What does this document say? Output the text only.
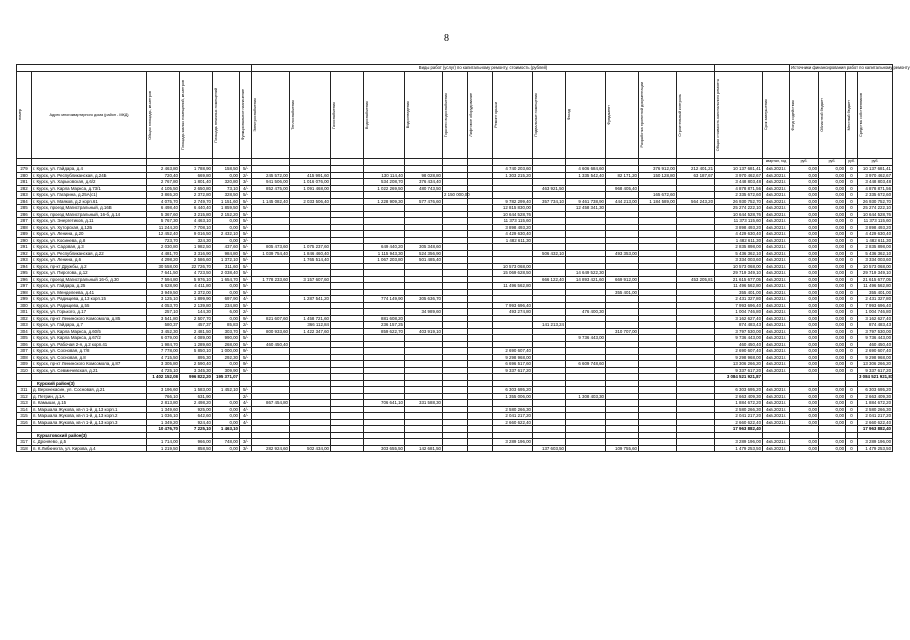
8
						Виды работ (услуг) по капитальному ремонту, стоимость (рублей)															Источники финансирования работ по капитальному ремонту			

номер	Адрес многоквартирного дома (район - МКД)	Общая площадь, кв.метров	Площадь жилых помещений, кв.метров	Площадь нежилых помещений	Функциональное назначение	Электроснабжения	Теплоснабжения	Газоснабжения	Водоснабжения	Водоотведения	Горячего водоснабжения	Лифтовое оборудование	Ремонт крыши	Подвальные помещения	Фасад	Фундамент	Разработка проектной документации	Строительный контроль	Общая стоимость капитального ремонта	Срок завершения	Фонд содействия	Областной бюджет	Местный бюджет	Средства собственников

																				квартал, год	руб.	руб.	руб.	руб.
279	г. Курск, ул. Гайдара, д.4	2 463,80	1 788,90	158,50	5/-								4 740 203,60		4 606 684,60		376 912,00	212 401,21	10 137 681,41	4кв.2021г.	0,00	0,00	0	10 137 681,41
280	г. Курск, ул. Республиканская, д.24Б	720,40	669,80	0,00	2/-	245 572,00	415 991,60		130 114,40	98 028,80			1 303 215,20		1 335 542,40	82 171,20	150 128,80	63 187,67	3 970 462,67	4кв.2021г.	0,00	0,00	0	3 970 462,67
281	г. Курск, ул. Харьковская, д.6/2	2 767,80	1 801,40	320,80	3/-	941 506,00	1 016 076,00		534 208,70	376 434,40									3 448 803,48	4кв.2021г.	0,00	0,00	0	3 448 803,48
282	г. Курск, ул. Карла Маркса, д.73/1	4 105,50	2 650,80	73,10	4/-	852 475,00	1 091 468,00		1 022 269,50	480 743,50				463 921,50		968 405,40			4 878 871,56	4кв.2021г.	0,00	0,00	0	4 878 871,56
283	г. Курск, ул. Гагарина, д.25А(с1)	3 865,20	2 372,80	328,50	5/-						2 150 000,00						165 672,60		2 335 672,60	4кв.2021г.	0,00	0,00	0	2 335 672,60
284	г. Курск, ул. Маяков, д.2 корп.61	4 075,70	2 749,70	1 151,60	5/-	1 145 082,40	2 033 506,40		1 228 909,30	577 476,60			9 782 299,40	357 734,10	9 461 738,90	444 213,00	1 184 589,00	564 243,20	26 930 752,70	4кв.2021г.	0,00	0,00	0	26 930 752,70
285	г. Курск, проезд Магистральный, д.16В	6 498,40	6 440,40	1 859,50	5/-								12 815 830,00		12 458 341,30				25 274 222,10	4кв.2021г.	0,00	0,00	0	25 274 222,10
286	г. Курск, проезд Магистральный, 16-б, д.14	5 367,60	3 215,80	2 152,20	5/-								10 644 528,76						10 644 528,76	4кв.2021г.	0,00	0,00	0	10 644 528,76
287	г. Курск, ул. Энергетиков, д.11	5 767,30	4 463,10	0,00	5/-								11 373 115,60						11 373 115,60	4кв.2021г.	0,00	0,00	0	11 373 115,60
288	г. Курск, ул. Хуторская, д.12Б	11 244,20	7 708,10	0,00	5/-								3 898 493,20						3 898 493,20	4кв.2021г.	0,00	0,00	0	3 898 493,20
289	г. Курск, ул. Ленина, д.20	12 452,40	9 016,50	2 432,10	5/-								4 429 630,40						4 429 630,40	4кв.2021г.	0,00	0,00	0	4 429 630,40
290	г. Курск, ул. Косиневa, д.8	723,70	324,30	0,00	3/-								1 482 611,30						1 482 611,30	4кв.2021г.	0,00	0,00	0	1 482 611,30
291	г. Курск, ул. Садовая, д.3	2 030,80	1 982,50	437,60	5/-	805 473,60	1 075 237,60		649 440,20	305 348,60									2 835 898,00	4кв.2021г.	0,00	0,00	0	2 835 898,00
292	г. Курск, ул. Республиканская, д.22	4 481,70	3 316,90	984,80	5/-	1 039 754,40	1 846 460,40		1 115 943,30	524 356,90				506 432,10		493 353,00			5 436 362,10	4кв.2021г.	0,00	0,00	0	5 436 362,10
293	г. Курск, ул. Ленина, д.6	4 298,20	2 586,60	1 372,10	5/-		1 765 514,40		1 067 203,80	501 485,40									3 334 003,60	4кв.2021г.	0,00	0,00	0	3 334 003,60
294	г. Курск, пр-кт Дружбы, д.2	30 558,00	22 726,70	311,60	5/-								10 573 068,00						10 573 068,00	4кв.2021г.	0,00	0,00	0	10 573 068,00
295	г. Курск, ул. Пирогова, д.12	7 641,50	4 723,50	2 038,40	5/-								15 069 628,50		14 649 522,30				29 719 349,10	4кв.2021г.	0,00	0,00	0	29 719 349,10
296	г. Курск, проезд Магистральный 16-б, д.30	7 594,80	5 976,10	1 654,70	5/-	1 778 233,60	3 157 607,60							666 122,40	14 893 421,60	669 912,00		453 205,81	21 615 677,05	4кв.2021г.	0,00	0,00	0	21 615 677,05
297	г. Курск, ул. Гайдара, д.25	5 628,90	4 411,80	0,00	5/-								11 496 562,80						11 496 562,80	4кв.2021г.	0,00	0,00	0	11 496 562,80
298	г. Курск, ул. Менделеева, д.41	3 949,50	2 372,00	0,00	5/-											355 401,00			355 401,00	4кв.2021г.	0,00	0,00	0	355 401,00
299	г. Курск, ул. Радищева, д.13 корп.15	3 125,10	1 899,90	697,90	4/-		1 287 541,20		774 149,90	305 636,70									2 431 327,80	4кв.2021г.	0,00	0,00	0	2 431 327,80
300	г. Курск, ул. Радищева, д.55	4 053,70	2 139,80	234,80	5/-								7 993 696,40						7 993 696,40	4кв.2021г.	0,00	0,00	0	7 993 696,40
301	г. Курск, ул. Горького, д.17	257,10	144,30	6,00	2/-					34 989,60			493 274,80		476 400,30				1 004 746,80	4кв.2021г.	0,00	0,00	0	1 004 746,80
302	г. Курск, пр-кт Ленинского Комсомола, д.85	3 541,80	2 507,70	0,00	9/-	821 607,60	1 458 721,60		881 608,20										3 162 627,40	4кв.2021г.	0,00	0,00	0	3 162 627,40
303	г. Курск, ул. Гайдара, д.7	580,37	457,37	85,83	2/-		366 112,84		236 157,25					141 213,24					874 483,43	4кв.2021г.	0,00	0,00	0	874 483,43
304	г. Курск, ул. Карла Маркса, д.60/5	3 452,30	2 481,50	303,70	5/-	800 933,60	1 422 347,60		859 622,70	403 919,10						310 707,00			3 797 530,00	4кв.2021г.	0,00	0,00	0	3 797 530,00
305	г. Курск, ул. Карла Маркса, д.67/2	6 079,00	4 089,00	990,00	5/-										9 736 443,00				9 736 443,00	4кв.2021г.	0,00	0,00	0	9 736 443,00
306	г. Курск, ул. Рабочая 2-я, д.2 корп.41	1 984,70	1 289,60	268,00	5/-	460 450,40													460 450,40	4кв.2021г.	0,00	0,00	0	460 450,40
307	г. Курск, ул. Сосновая, д.7/8	7 778,00	5 850,10	1 000,00	9/-								2 690 607,40						2 690 607,40	4кв.2021г.	0,00	0,00	0	2 690 607,40
308	г. Курск, ул. Сосновая, д.8	4 715,50	895,30	292,30	5/-								9 298 968,00						9 298 968,00	4кв.2021г.	0,00	0,00	0	9 298 968,00
309	г. Курск, пр-кт Ленинского Комсомола, д.87	3 305,80	2 590,40	0,00	9/-								6 696 517,60		6 609 748,60				13 306 266,20	4кв.2021г.	0,00	0,00	0	13 306 266,20
310	г. Курск, ул. Севмичевская, д.21	4 725,10	3 345,30	309,90	5/-								9 337 617,20						9 337 617,20	4кв.2021г.	0,00	0,00	0	9 337 617,20
		1 402 152,08	996 822,20	195 371,07															3 084 521 921,87					3 084 521 921,87
	Курский район(3)																							
311	д. Верхнекасин, ул. Сосновая, д.21	3 196,60	1 583,00	1 452,10	5/-								6 303 695,20						6 303 695,20	4кв.2021г.	0,00	0,00	0	6 303 695,20
312	д. Петрин, д.1А	766,10	631,90		2/-								1 355 006,00		1 308 403,30				2 663 409,30	4кв.2021г.	0,00	0,00	0	2 663 409,30
313	п. Камыши, д.15	2 813,80	2 498,20	0,00	4/-	867 454,80			706 641,10	331 588,30									1 884 672,20	4кв.2021г.	0,00	0,00	0	1 884 672,20
314	п. Маршала Жукова, кв-л 1-й, д.13 корп.1	1 349,60	925,00	0,00	4/-								2 580 266,30						2 580 266,30	4кв.2021г.	0,00	0,00	0	2 580 266,30
315	п. Маршала Жукова, кв-л 1-й, д.13 корп.2	1 036,10	642,60	0,00	4/-								2 041 217,20						2 041 217,20	4кв.2021г.	0,00	0,00	0	2 041 217,20
316	п. Маршала Жукова, кв-л 1-й, д.13 корп.3	1 349,20	924,40	0,00	4/-								2 660 622,40						2 660 622,40	4кв.2021г.	0,00	0,00	0	2 660 622,40
		10 476,70	7 225,10	1 463,10															17 963 882,40					17 963 882,40
	Курчатовский район(3)																							
317	с. Дроняево, д.5	1 714,00	966,00	748,00	3/-								3 289 196,00						3 289 196,00	4кв.2021г.	0,00	0,00	0	3 289 196,00
318	п. К.Либкнехта, ул. Кирова, д.4	1 219,50	858,50	0,00	3/-	282 924,60	502 434,00		303 655,50	142 681,50				137 603,50		109 755,60			1 479 253,50	4кв.2021г.	0,00	0,00	0	1 479 253,50
